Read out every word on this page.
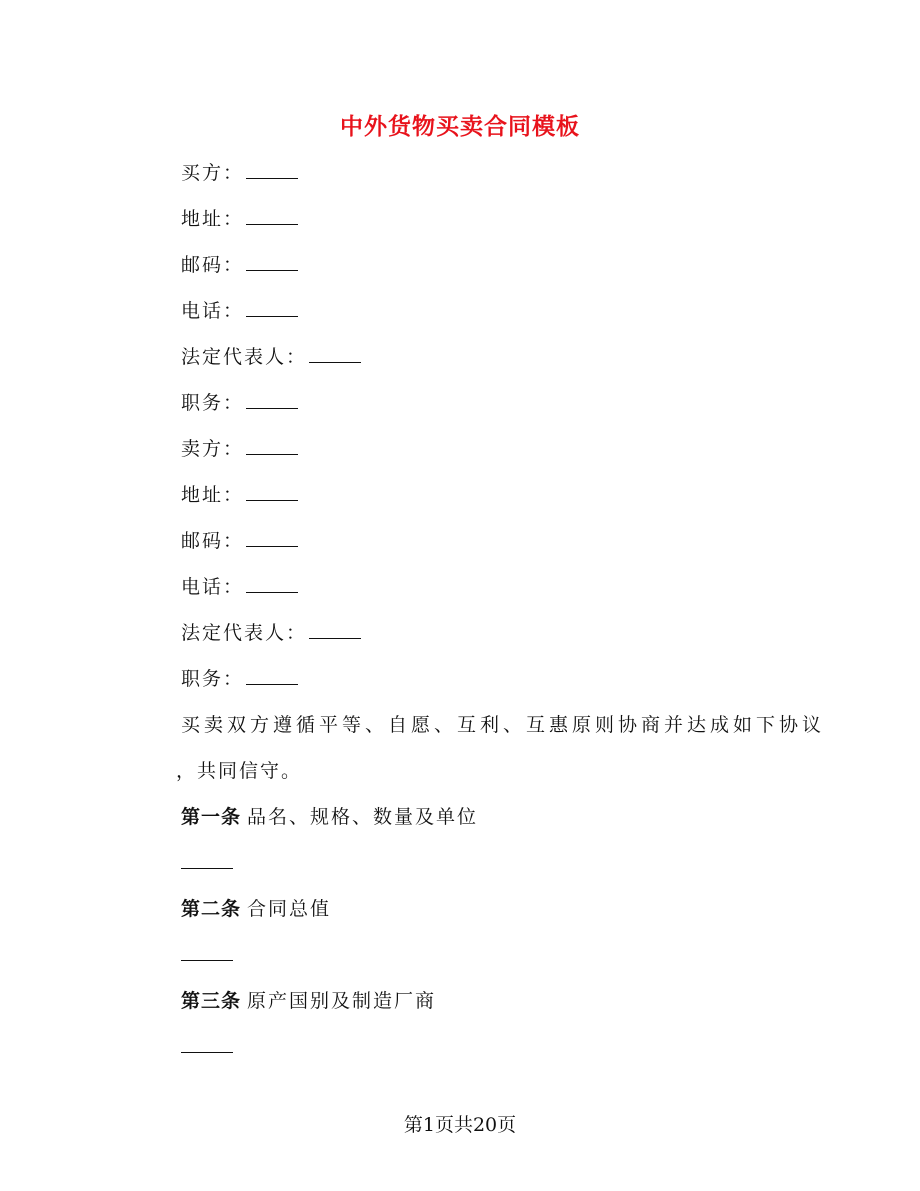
中外货物买卖合同模板
买方：
地址：
邮码：
电话：
法定代表人：
职务：
卖方：
地址：
邮码：
电话：
法定代表人：
职务：
买卖双方遵循平等、自愿、互利、互惠原则协商并达成如下协议
，共同信守。
第一条 品名、规格、数量及单位
第二条 合同总值
第三条 原产国别及制造厂商
第1页共20页
